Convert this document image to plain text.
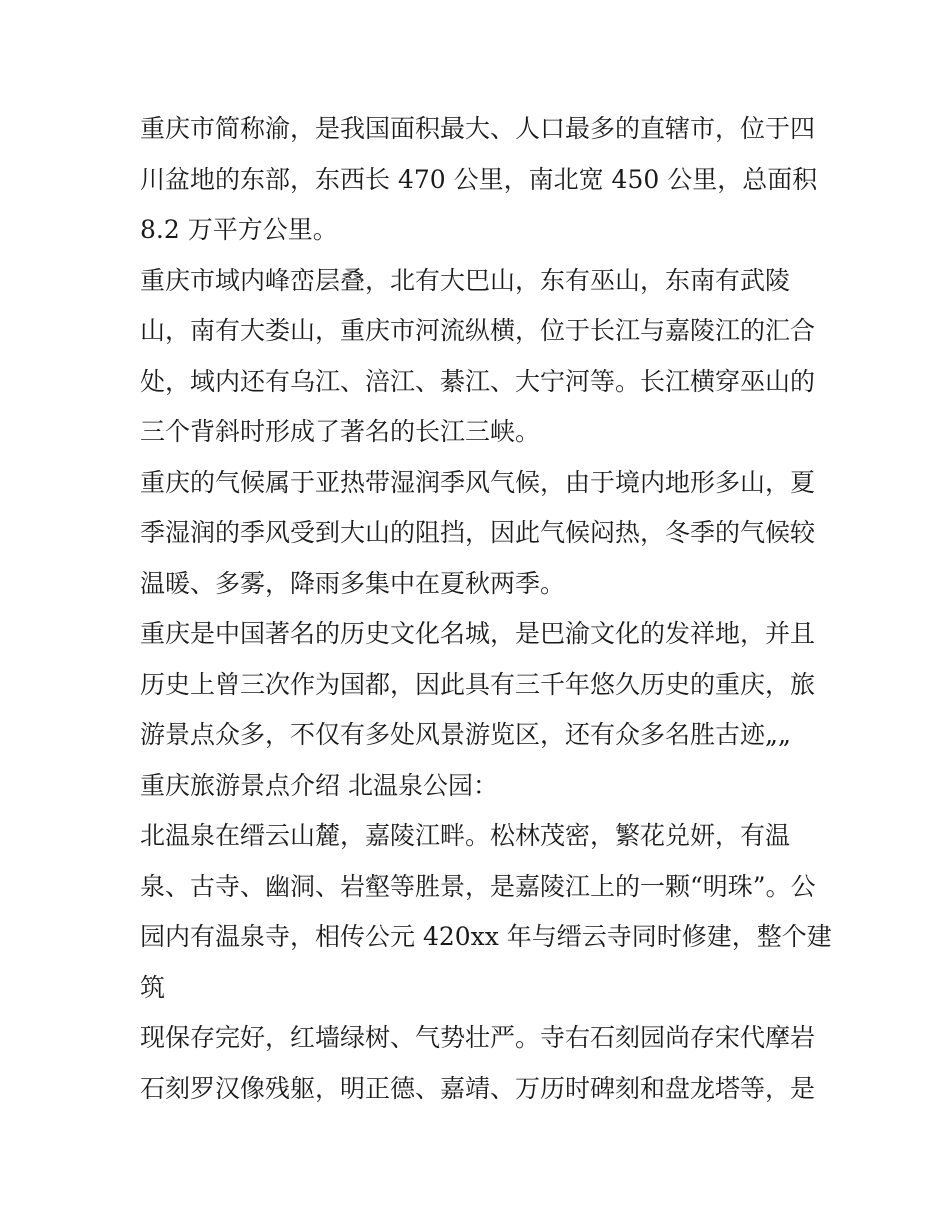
重庆市简称渝，是我国面积最大、人口最多的直辖市，位于四
川盆地的东部，东西长 470 公里，南北宽 450 公里，总面积
8.2 万平方公里。
重庆市域内峰峦层叠，北有大巴山，东有巫山，东南有武陵
山，南有大娄山，重庆市河流纵横，位于长江与嘉陵江的汇合
处，域内还有乌江、涪江、綦江、大宁河等。长江横穿巫山的
三个背斜时形成了著名的长江三峡。
重庆的气候属于亚热带湿润季风气候，由于境内地形多山，夏
季湿润的季风受到大山的阻挡，因此气候闷热，冬季的气候较
温暖、多雾，降雨多集中在夏秋两季。
重庆是中国著名的历史文化名城，是巴渝文化的发祥地，并且
历史上曾三次作为国都，因此具有三千年悠久历史的重庆，旅
游景点众多，不仅有多处风景游览区，还有众多名胜古迹„„
重庆旅游景点介绍 北温泉公园：
北温泉在缙云山麓，嘉陵江畔。松林茂密，繁花兑妍，有温
泉、古寺、幽洞、岩壑等胜景，是嘉陵江上的一颗“明珠”。公
园内有温泉寺，相传公元 420xx 年与缙云寺同时修建，整个建
筑
现保存完好，红墙绿树、气势壮严。寺右石刻园尚存宋代摩岩
石刻罗汉像残躯，明正德、嘉靖、万历时碑刻和盘龙塔等，是
